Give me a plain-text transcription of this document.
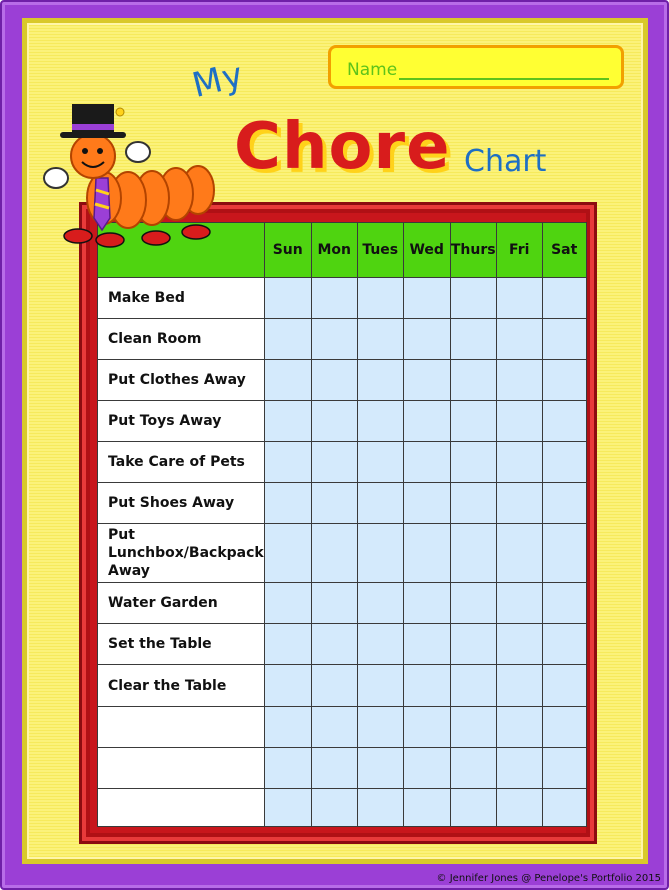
Name
My
Chore Chart
	Sun	Mon	Tues	Wed	Thurs	Fri	Sat
Make Bed							
Clean Room							
Put Clothes Away							
Put Toys Away							
Take Care of Pets							
Put Shoes Away							
Put Lunchbox/Backpack Away							
Water Garden							
Set the Table							
Clear the Table							

© Jennifer Jones @ Penelope's Portfolio 2015
